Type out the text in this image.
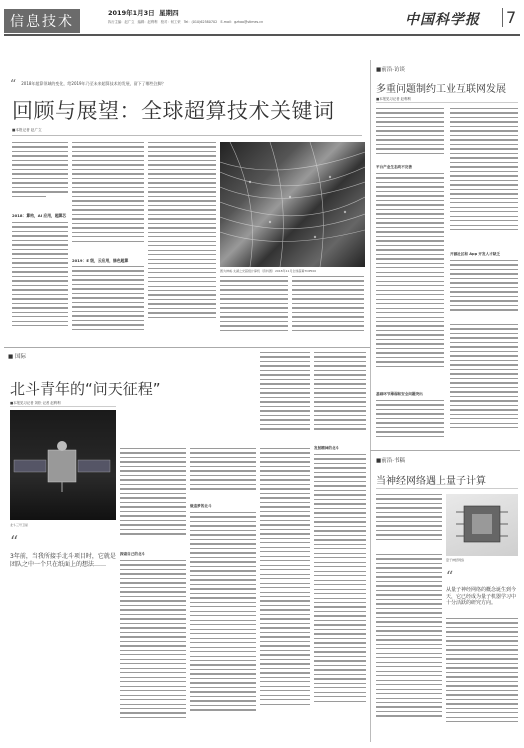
信息技术
2019年1月3日 星期四
执行主编：赵广立　编辑：赵利利　校对：何工荣　Tel：(010)62580702　E-mail：gzhao@stimes.cn	中国科学报 7
“ 2018年超算领域的变化，给2019年乃至未来超算技术的发展，留下了哪些注脚？
回顾与展望：全球超算技术关键词
■本报记者 赵广立
2018：算构，AI 应用，超算芯
2019：E 级，云应用，绿色超算
图为神威·太湖之光超级计算机（资料图）2018年11月全球超算TOP500
■前沿·访谈
多重问题制约工业互联网发展
■本报见习记者 赵利利
平台产业生态尚不完善
开源社区和 App 开发人才缺乏
基础环节薄弱和安全问题突出
■ 国际
北斗青年的“问天征程”
■本报见习记者 刘松 记者 赵利利
北斗三号卫星
“
3年前，当我所接手北斗项目时，它就是团队之中一个只在纸面上的想法……
探索自己的北斗
做追梦的北斗
发射精神的北斗
■前沿·书稿
当神经网络遇上量子计算
量子神经网络
“
从量子神经网络的概念诞生到今天，它已经成为量子机器学习中十分活跃的研究方向。
